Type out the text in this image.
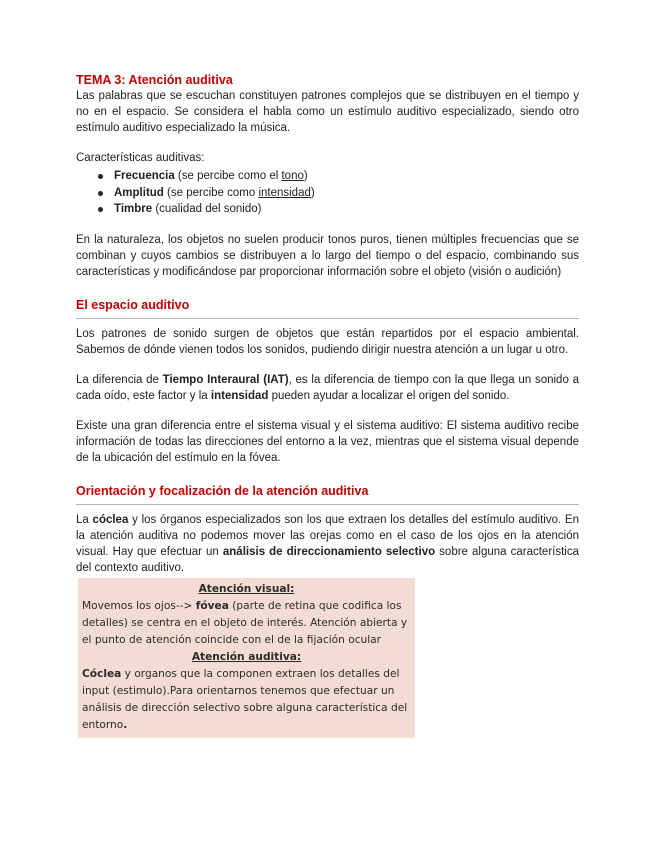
TEMA 3: Atención auditiva

Las palabras que se escuchan constituyen patrones complejos que se distribuyen en el tiempo y no en el espacio. Se considera el habla como un estímulo auditivo especializado, siendo otro estímulo auditivo especializado la música.

Características auditivas:

Frecuencia (se percibe como el tono)
Amplitud (se percibe como intensidad)
Timbre (cualidad del sonido)

En la naturaleza, los objetos no suelen producir tonos puros, tienen múltiples frecuencias que se combinan y cuyos cambios se distribuyen a lo largo del tiempo o del espacio, combinando sus características y modificándose par proporcionar información sobre el objeto (visión o audición)

El espacio auditivo

Los patrones de sonido surgen de objetos que están repartidos por el espacio ambiental. Sabemos de dónde vienen todos los sonidos, pudiendo dirigir nuestra atención a un lugar u otro.

La diferencia de Tiempo Interaural (IAT), es la diferencia de tiempo con la que llega un sonido a cada oído, este factor y la intensidad pueden ayudar a localizar el origen del sonido.

Existe una gran diferencia entre el sistema visual y el sistema auditivo: El sistema auditivo recibe información de todas las direcciones del entorno a la vez, mientras que el sistema visual depende de la ubicación del estímulo en la fóvea.

Orientación y focalización de la atención auditiva

La cóclea y los órganos especializados son los que extraen los detalles del estímulo auditivo. En la atención auditiva no podemos mover las orejas como en el caso de los ojos en la atención visual. Hay que efectuar un análisis de direccionamiento selectivo sobre alguna característica del contexto auditivo.

Atención visual:

Movemos los ojos--> fóvea (parte de retina que codifica los detalles) se centra en el objeto de interés. Atención abierta y el punto de atención coincide con el de la fijación ocular

Atención auditiva:

Cóclea y organos que la componen extraen los detalles del input (estimulo).Para orientarnos tenemos que efectuar un análisis de dirección selectivo sobre alguna característica del entorno.
